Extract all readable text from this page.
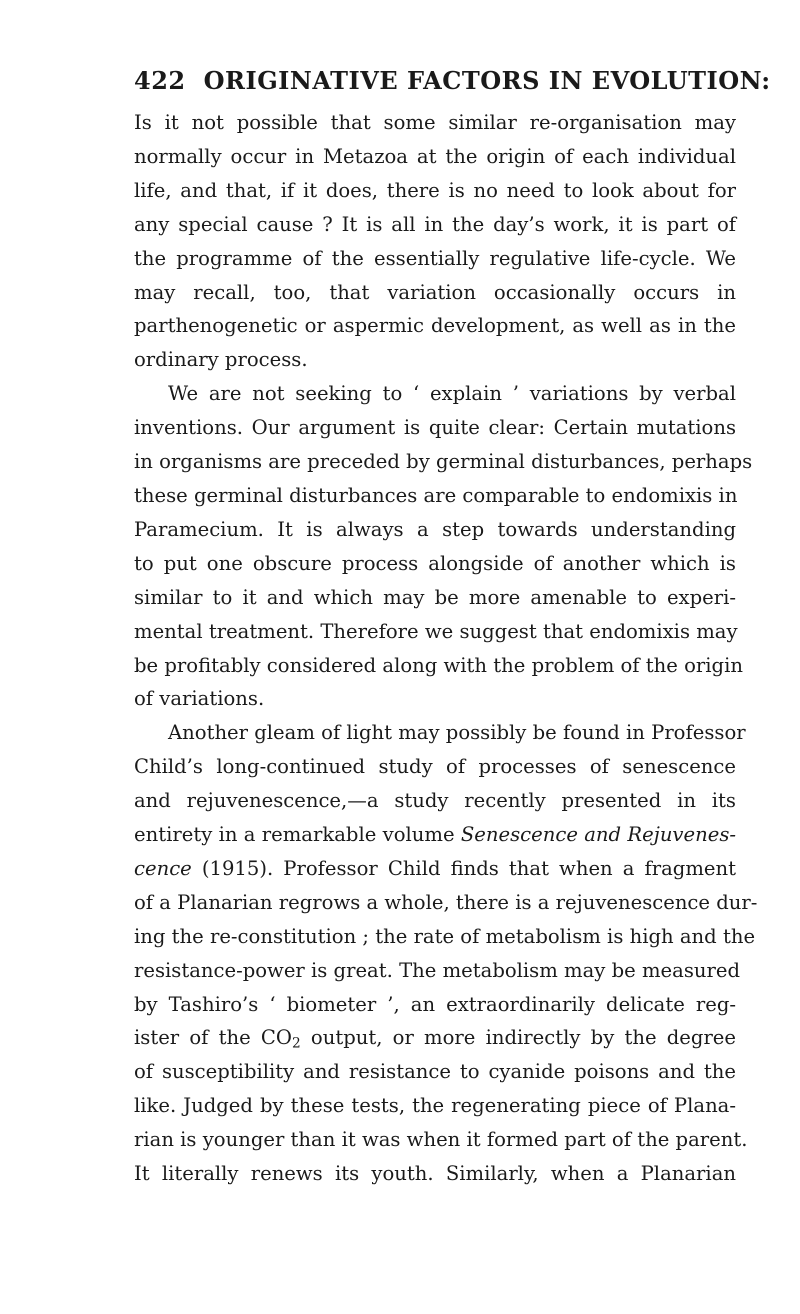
422 ORIGINATIVE FACTORS IN EVOLUTION:

Is it not possible that some similar re-organisation may
normally occur in Metazoa at the origin of each individual
life, and that, if it does, there is no need to look about for
any special cause ? It is all in the day’s work, it is part of
the programme of the essentially regulative life-cycle. We
may recall, too, that variation occasionally occurs in
parthenogenetic or aspermic development, as well as in the
ordinary process.

We are not seeking to ‘ explain ’ variations by verbal
inventions. Our argument is quite clear: Certain mutations
in organisms are preceded by germinal disturbances, perhaps
these germinal disturbances are comparable to endomixis in
Paramecium. It is always a step towards understanding
to put one obscure process alongside of another which is
similar to it and which may be more amenable to experi-
mental treatment. Therefore we suggest that endomixis may
be profitably considered along with the problem of the origin
of variations.

Another gleam of light may possibly be found in Professor
Child’s long-continued study of processes of senescence
and rejuvenescence,—a study recently presented in its
entirety in a remarkable volume Senescence and Rejuvenes-
cence (1915). Professor Child finds that when a fragment
of a Planarian regrows a whole, there is a rejuvenescence dur-
ing the re-constitution ; the rate of metabolism is high and the
resistance-power is great. The metabolism may be measured
by Tashiro’s ‘ biometer ’, an extraordinarily delicate reg-
ister of the $CO_2$ output, or more indirectly by the degree
of susceptibility and resistance to cyanide poisons and the
like. Judged by these tests, the regenerating piece of Plana-
rian is younger than it was when it formed part of the parent.
It literally renews its youth. Similarly, when a Planarian
